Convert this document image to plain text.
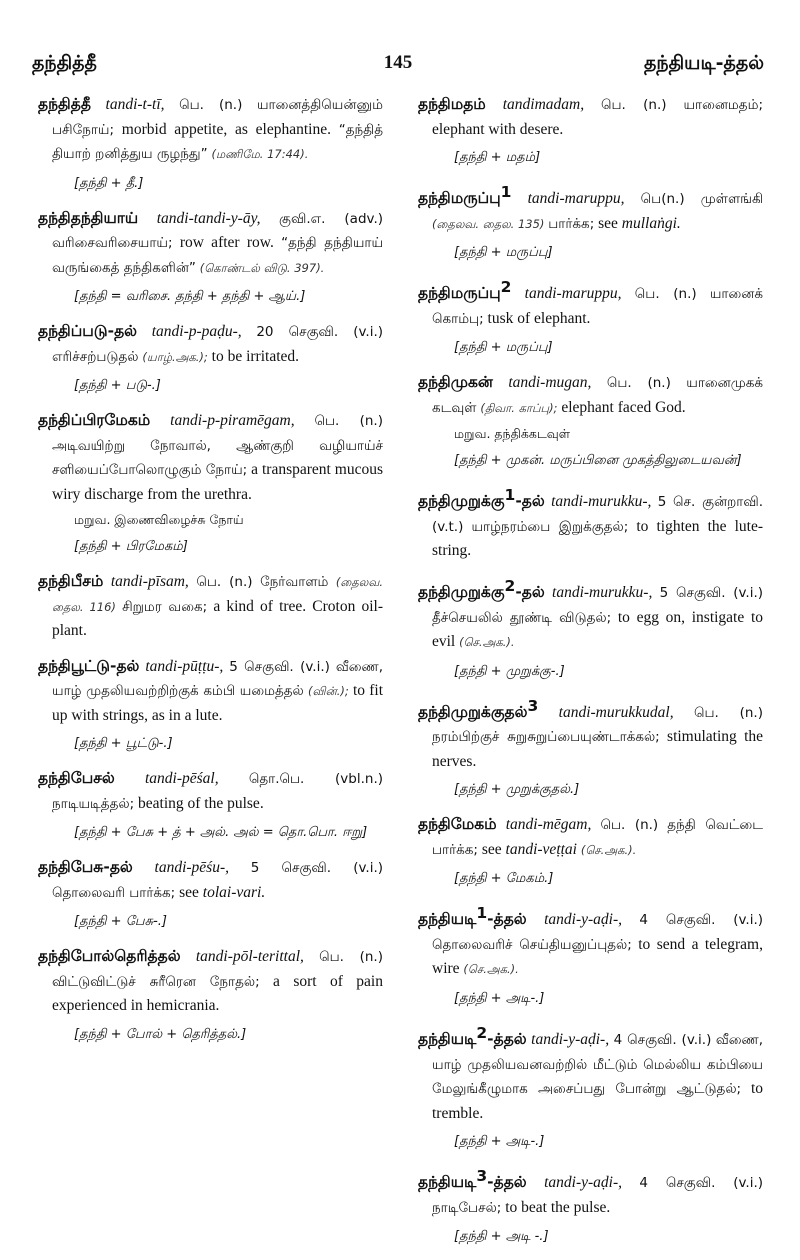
தந்தித்தீ	145	தந்தியடி-த்தல்
தந்தித்தீ tandi-t-tī, பெ. (n.) யானைத்தியென்னும் பசிநோய்; morbid appetite, as elephantine. “தந்தித் தியாற் றனித்துய ருழந்து” (மணிமே. 17:44).
[தந்தி + தீ.]
தந்திதந்தியாய் tandi-tandi-y-āy, குவி.எ. (adv.) வரிசைவரிசையாய்; row after row. “தந்தி தந்தியாய் வருங்கைத் தந்திகளின்” (கொண்டல் விடு. 397).
[தந்தி = வரிசை. தந்தி + தந்தி + ஆய்.]
தந்திப்படு-தல் tandi-p-paḍu-, 20 செகுவி. (v.i.) எரிச்சற்படுதல் (யாழ்.அக.); to be irritated.
[தந்தி + படு-.]
தந்திப்பிரமேகம் tandi-p-piramēgam, பெ. (n.) அடிவயிற்று நோவால், ஆண்குறி வழியாய்ச் சளியைப்போலொழுகும் நோய்; a transparent mucous wiry discharge from the urethra.
மறுவ. இணைவிழைச்சு நோய்
[தந்தி + பிரமேகம்]
தந்திபீசம் tandi-pīsam, பெ. (n.) நேர்வாளம் (தைலவ. தைல. 116) சிறுமர வகை; a kind of tree. Croton oil-plant.
தந்திபூட்டு-தல் tandi-pūṭṭu-, 5 செகுவி. (v.i.) வீணை, யாழ் முதலியவற்றிற்குக் கம்பி யமைத்தல் (வின்.); to fit up with strings, as in a lute.
[தந்தி + பூட்டு-.]
தந்திபேசல் tandi-pēśal, தொ.பெ. (vbl.n.) நாடியடித்தல்; beating of the pulse.
[தந்தி + பேசு + த் + அல். அல் = தொ.பொ. ஈறு]
தந்திபேசு-தல் tandi-pēśu-, 5 செகுவி. (v.i.) தொலைவரி பார்க்க; see tolai-vari.
[தந்தி + பேசு-.]
தந்திபோல்தெரித்தல் tandi-pōl-terittal, பெ. (n.) விட்டுவிட்டுச் சுரீரென நோதல்; a sort of pain experienced in hemicrania.
[தந்தி + போல் + தெரித்தல்.]
தந்திமதம் tandimadam, பெ. (n.) யானைமதம்; elephant with desere.
[தந்தி + மதம்]
தந்திமருப்பு$^1$ tandi-maruppu, பெ(n.) முள்ளங்கி (தைலவ. தைல. 135) பார்க்க; see mullaṅgi.
[தந்தி + மருப்பு]
தந்திமருப்பு$^2$ tandi-maruppu, பெ. (n.) யானைக் கொம்பு; tusk of elephant.
[தந்தி + மருப்பு]
தந்திமுகன் tandi-mugan, பெ. (n.) யானைமுகக் கடவுள் (திவா. காப்பு); elephant faced God.
மறுவ. தந்திக்கடவுள்
[தந்தி + முகன். மருப்பினை முகத்திலுடையவன்]
தந்திமுறுக்கு$^1$-தல் tandi-murukku-, 5 செ. குன்றாவி. (v.t.) யாழ்நரம்பை இறுக்குதல்; to tighten the lute-string.
தந்திமுறுக்கு$^2$-தல் tandi-murukku-, 5 செகுவி. (v.i.) தீச்செயலில் தூண்டி விடுதல்; to egg on, instigate to evil (செ.அக.).
[தந்தி + முறுக்கு-.]
தந்திமுறுக்குதல்$^3$ tandi-murukkudal, பெ. (n.) நரம்பிற்குச் சுறுசுறுப்பையுண்டாக்கல்; stimulating the nerves.
[தந்தி + முறுக்குதல்.]
தந்திமேகம் tandi-mēgam, பெ. (n.) தந்தி வெட்டை பார்க்க; see tandi-veṭṭai (செ.அக.).
[தந்தி + மேகம்.]
தந்தியடி$^1$-த்தல் tandi-y-aḍi-, 4 செகுவி. (v.i.) தொலைவரிச் செய்தியனுப்புதல்; to send a telegram, wire (செ.அக.).
[தந்தி + அடி-.]
தந்தியடி$^2$-த்தல் tandi-y-aḍi-, 4 செகுவி. (v.i.) வீணை, யாழ் முதலியவனவற்றில் மீட்டும் மெல்லிய கம்பியை மேலுங்கீழுமாக அசைப்பது போன்று ஆட்டுதல்; to tremble.
[தந்தி + அடி-.]
தந்தியடி$^3$-த்தல் tandi-y-aḍi-, 4 செகுவி. (v.i.) நாடிபேசல்; to beat the pulse.
[தந்தி + அடி -.]
